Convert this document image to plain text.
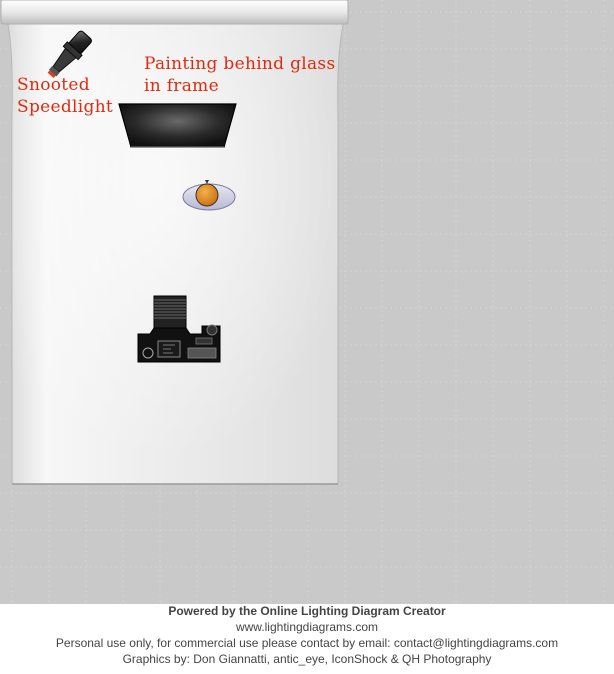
Snooted
Speedlight
Painting behind glass
in frame
Powered by the Online Lighting Diagram Creator
www.lightingdiagrams.com
Personal use only, for commercial use please contact by email: contact@lightingdiagrams.com
Graphics by: Don Giannatti, antic_eye, IconShock & QH Photography
